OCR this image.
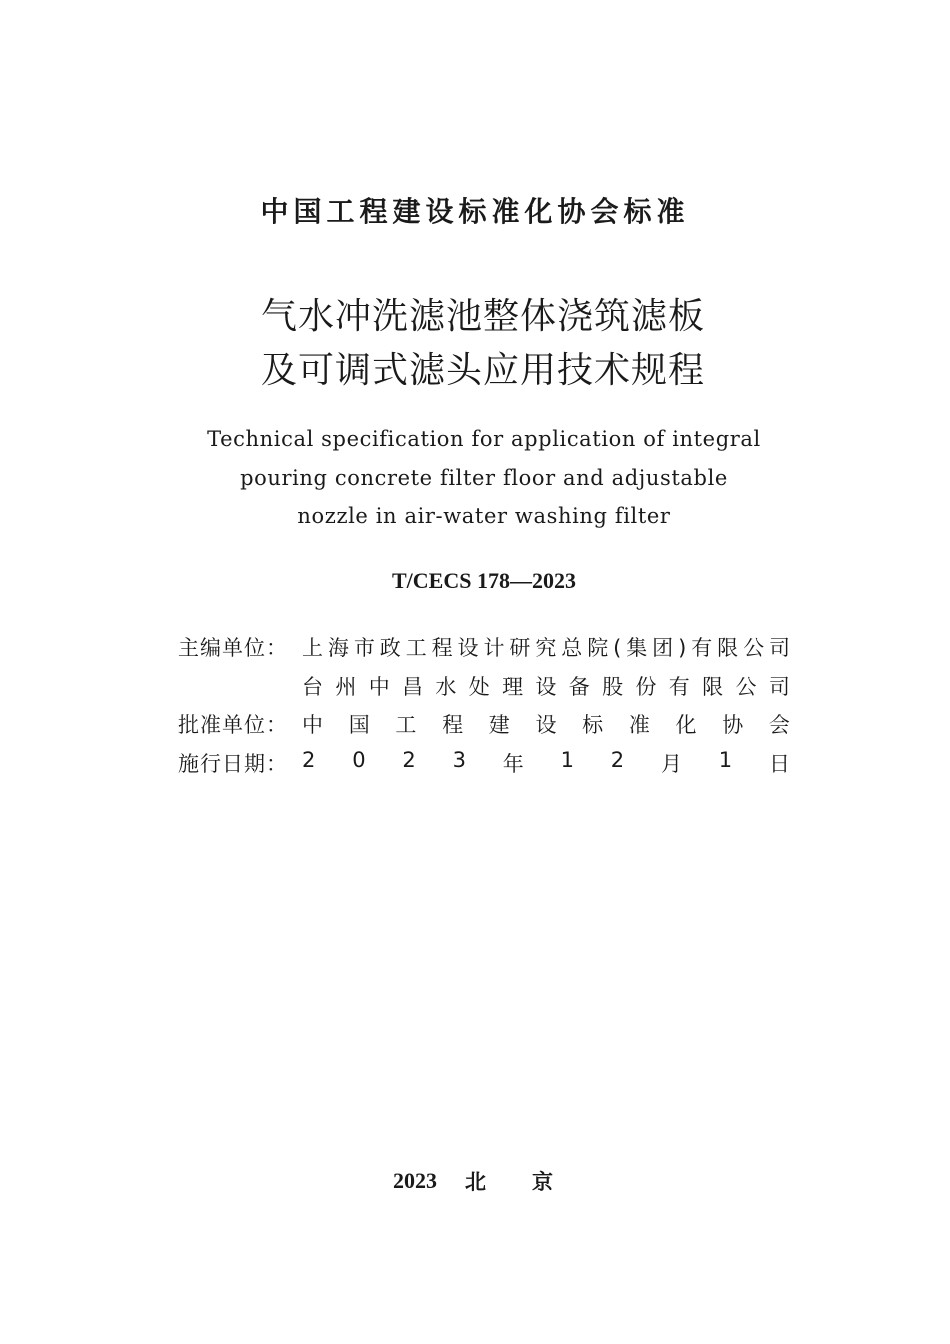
中国工程建设标准化协会标准
气水冲洗滤池整体浇筑滤板
及可调式滤头应用技术规程
Technical specification for application of integral
pouring concrete filter floor and adjustable
nozzle in air-water washing filter
T/CECS 178—2023
主编单位： 上海市政工程设计研究总院(集团)有限公司
台 州 中 昌 水 处 理 设 备 股 份 有 限 公 司
批准单位： 中 国 工 程 建 设 标 准 化 协 会
施行日期： 2 0 2 3 年 1 2 月 1 日
2023 北京
